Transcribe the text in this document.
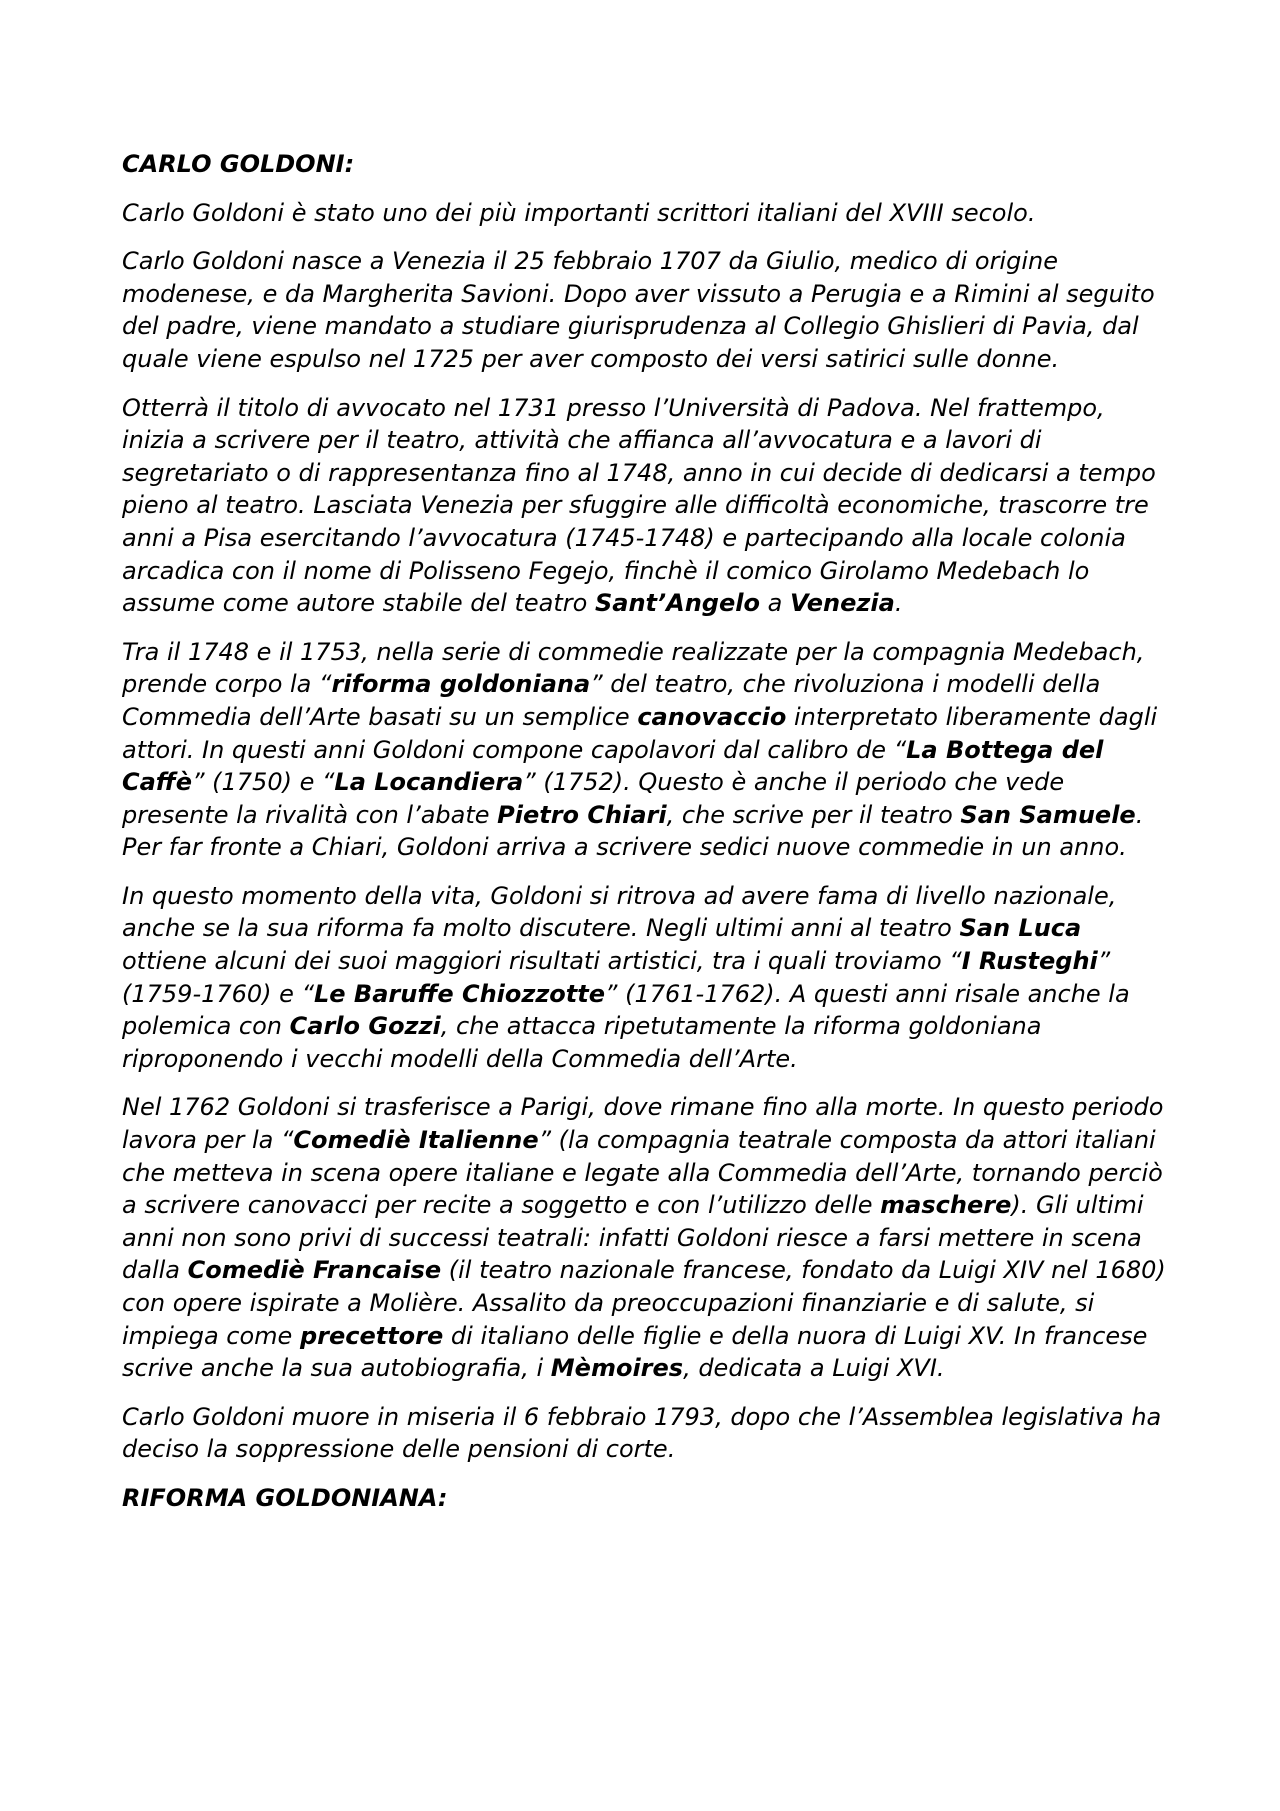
CARLO GOLDONI:

Carlo Goldoni è stato uno dei più importanti scrittori italiani del XVIII secolo.

Carlo Goldoni nasce a Venezia il 25 febbraio 1707 da Giulio, medico di origine modenese, e da Margherita Savioni. Dopo aver vissuto a Perugia e a Rimini al seguito del padre, viene mandato a studiare giurisprudenza al Collegio Ghislieri di Pavia, dal quale viene espulso nel 1725 per aver composto dei versi satirici sulle donne.

Otterrà il titolo di avvocato nel 1731 presso l’Università di Padova. Nel frattempo, inizia a scrivere per il teatro, attività che affianca all’avvocatura e a lavori di segretariato o di rappresentanza fino al 1748, anno in cui decide di dedicarsi a tempo pieno al teatro. Lasciata Venezia per sfuggire alle difficoltà economiche, trascorre tre anni a Pisa esercitando l’avvocatura (1745-1748) e partecipando alla locale colonia arcadica con il nome di Polisseno Fegejo, finchè il comico Girolamo Medebach lo assume come autore stabile del teatro Sant’Angelo a Venezia.

Tra il 1748 e il 1753, nella serie di commedie realizzate per la compagnia Medebach, prende corpo la “riforma goldoniana” del teatro, che rivoluziona i modelli della Commedia dell’Arte basati su un semplice canovaccio interpretato liberamente dagli attori. In questi anni Goldoni compone capolavori dal calibro de “La Bottega del Caffè” (1750) e “La Locandiera” (1752). Questo è anche il periodo che vede presente la rivalità con l’abate Pietro Chiari, che scrive per il teatro San Samuele. Per far fronte a Chiari, Goldoni arriva a scrivere sedici nuove commedie in un anno.

In questo momento della vita, Goldoni si ritrova ad avere fama di livello nazionale, anche se la sua riforma fa molto discutere. Negli ultimi anni al teatro San Luca ottiene alcuni dei suoi maggiori risultati artistici, tra i quali troviamo “I Rusteghi” (1759-1760) e “Le Baruffe Chiozzotte” (1761-1762). A questi anni risale anche la polemica con Carlo Gozzi, che attacca ripetutamente la riforma goldoniana riproponendo i vecchi modelli della Commedia dell’Arte.

Nel 1762 Goldoni si trasferisce a Parigi, dove rimane fino alla morte. In questo periodo lavora per la “Comediè Italienne” (la compagnia teatrale composta da attori italiani che metteva in scena opere italiane e legate alla Commedia dell’Arte, tornando perciò a scrivere canovacci per recite a soggetto e con l’utilizzo delle maschere). Gli ultimi anni non sono privi di successi teatrali: infatti Goldoni riesce a farsi mettere in scena dalla Comediè Francaise (il teatro nazionale francese, fondato da Luigi XIV nel 1680) con opere ispirate a Molière. Assalito da preoccupazioni finanziarie e di salute, si impiega come precettore di italiano delle figlie e della nuora di Luigi XV. In francese scrive anche la sua autobiografia, i Mèmoires, dedicata a Luigi XVI.

Carlo Goldoni muore in miseria il 6 febbraio 1793, dopo che l’Assemblea legislativa ha deciso la soppressione delle pensioni di corte.

RIFORMA GOLDONIANA:
